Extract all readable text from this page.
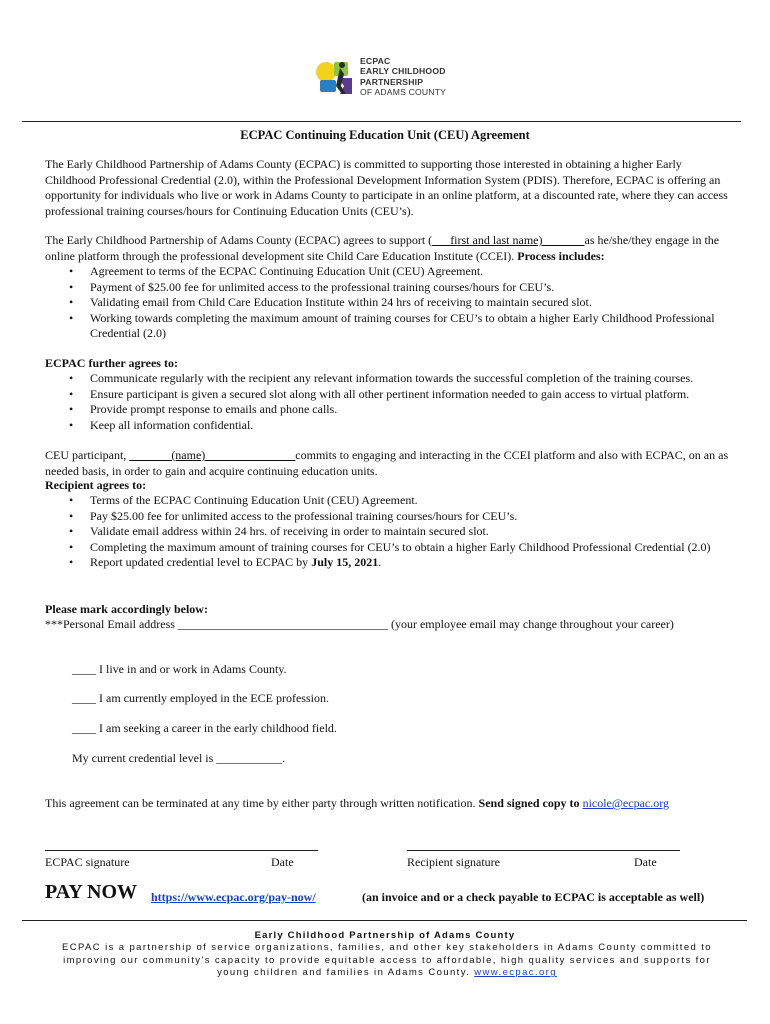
ECPAC
EARLY CHILDHOOD
PARTNERSHIP
OF ADAMS COUNTY
ECPAC Continuing Education Unit (CEU) Agreement
The Early Childhood Partnership of Adams County (ECPAC) is committed to supporting those interested in obtaining a higher Early Childhood Professional Credential (2.0), within the Professional Development Information System (PDIS). Therefore, ECPAC is offering an opportunity for individuals who live or work in Adams County to participate in an online platform, at a discounted rate, where they can access professional training courses/hours for Continuing Education Units (CEU’s).
The Early Childhood Partnership of Adams County (ECPAC) agrees to support (___first and last name)_______as he/she/they engage in the online platform through the professional development site Child Care Education Institute (CCEI). Process includes:
• Agreement to terms of the ECPAC Continuing Education Unit (CEU) Agreement.
• Payment of $25.00 fee for unlimited access to the professional training courses/hours for CEU’s.
• Validating email from Child Care Education Institute within 24 hrs of receiving to maintain secured slot.
• Working towards completing the maximum amount of training courses for CEU’s to obtain a higher Early Childhood Professional Credential (2.0)
ECPAC further agrees to:
• Communicate regularly with the recipient any relevant information towards the successful completion of the training courses.
• Ensure participant is given a secured slot along with all other pertinent information needed to gain access to virtual platform.
• Provide prompt response to emails and phone calls.
• Keep all information confidential.
CEU participant, _______(name)_______________commits to engaging and interacting in the CCEI platform and also with ECPAC, on an as needed basis, in order to gain and acquire continuing education units.
Recipient agrees to:
• Terms of the ECPAC Continuing Education Unit (CEU) Agreement.
• Pay $25.00 fee for unlimited access to the professional training courses/hours for CEU’s.
• Validate email address within 24 hrs. of receiving in order to maintain secured slot.
• Completing the maximum amount of training courses for CEU’s to obtain a higher Early Childhood Professional Credential (2.0)
• Report updated credential level to ECPAC by July 15, 2021.
Please mark accordingly below:
***Personal Email address ___________________________________ (your employee email may change throughout your career)
____ I live in and or work in Adams County.
____ I am currently employed in the ECE profession.
____ I am seeking a career in the early childhood field.
My current credential level is ___________.
This agreement can be terminated at any time by either party through written notification. Send signed copy to nicole@ecpac.org
ECPAC signature	Date	Recipient signature	Date
PAY NOW https://www.ecpac.org/pay-now/	(an invoice and or a check payable to ECPAC is acceptable as well)
Early Childhood Partnership of Adams County
ECPAC is a partnership of service organizations, families, and other key stakeholders in Adams County committed to improving our community’s capacity to provide equitable access to affordable, high quality services and supports for young children and families in Adams County. www.ecpac.org
